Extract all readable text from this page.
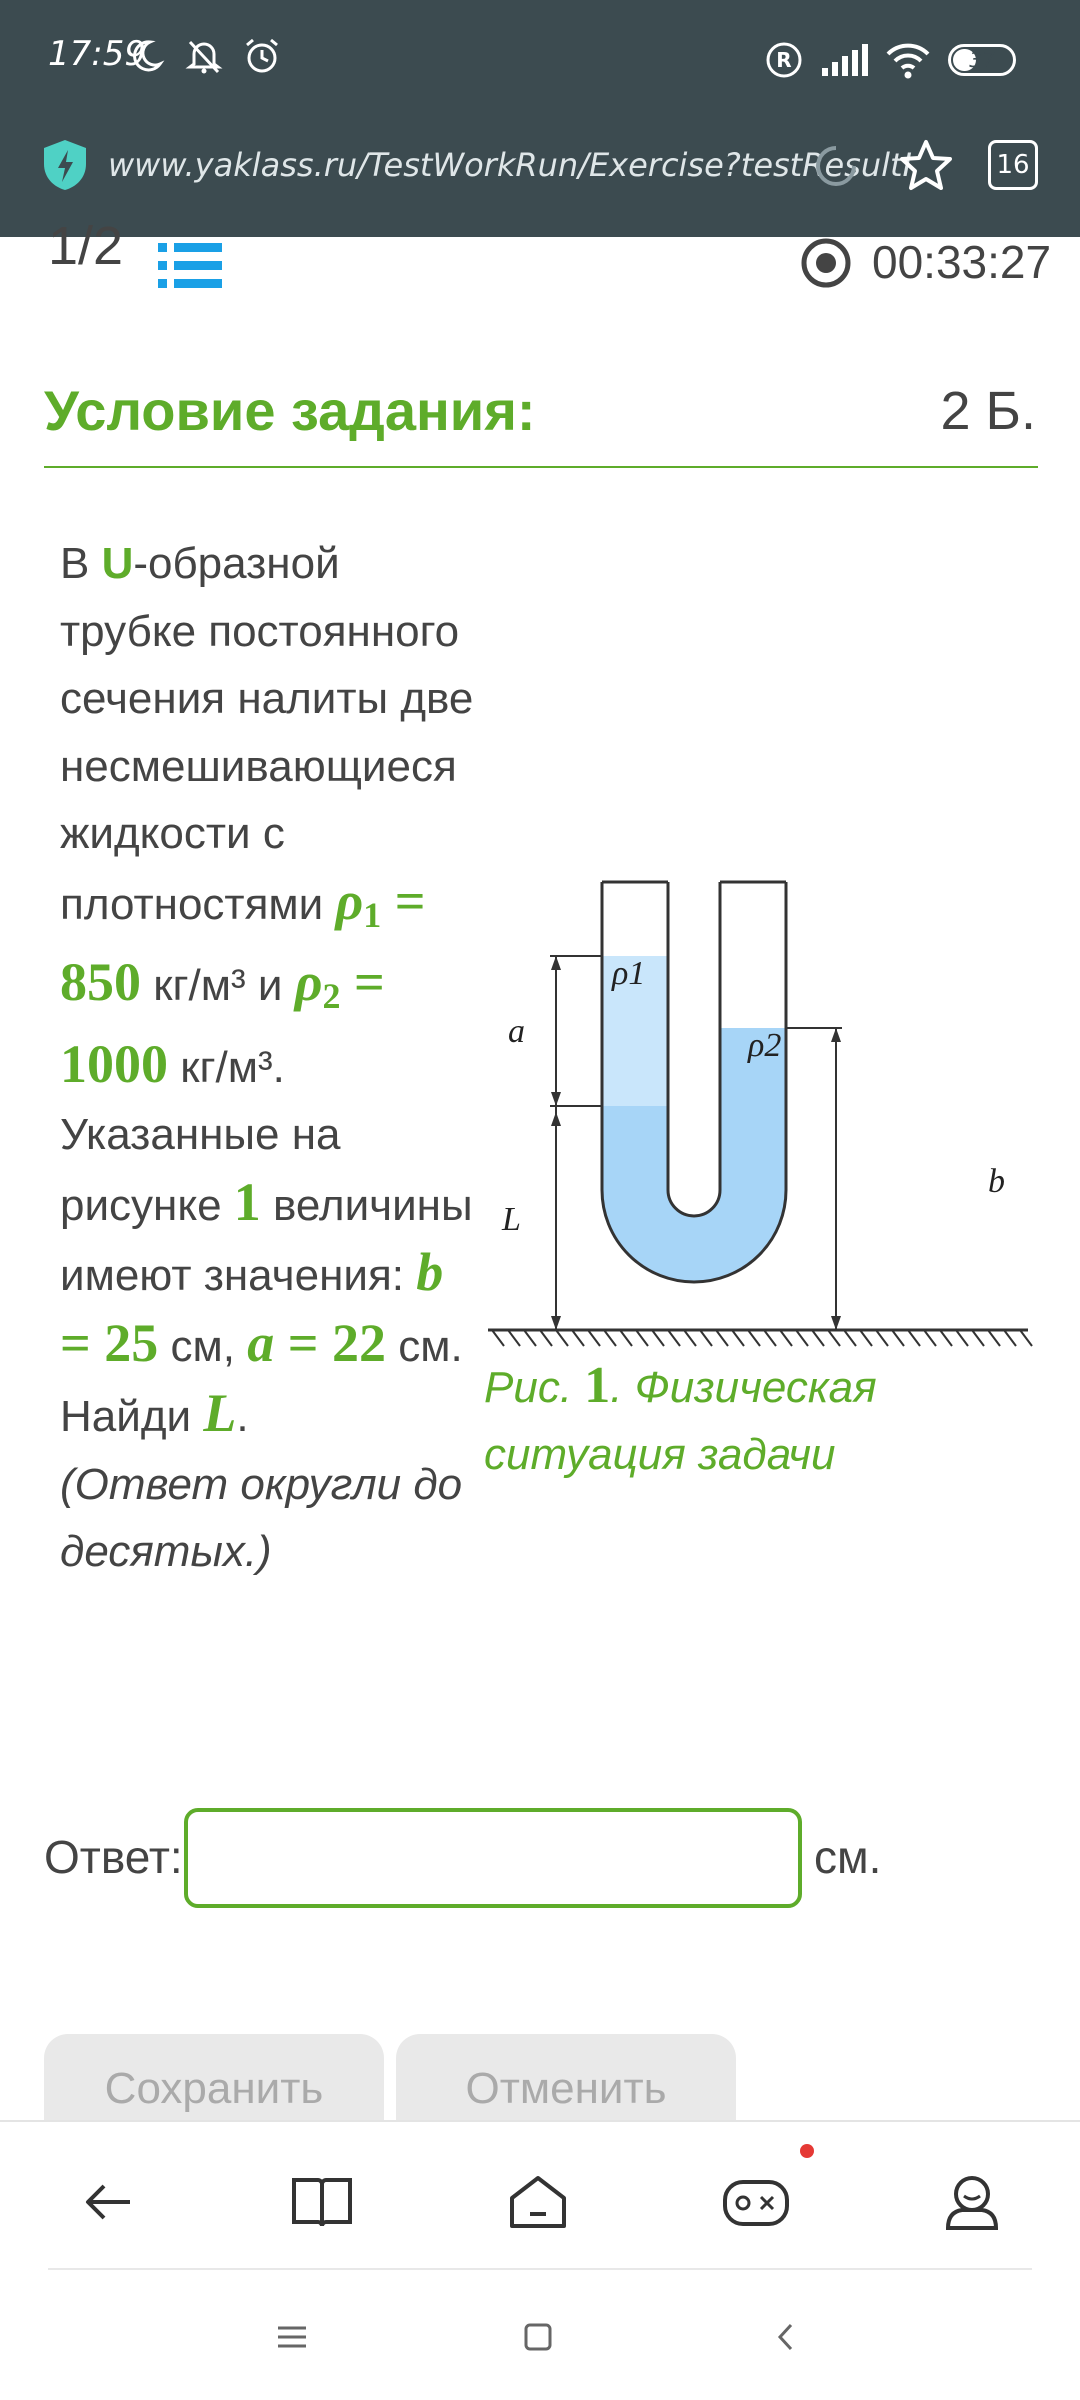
17:59	R	37
www.yaklass.ru/TestWorkRun/Exercise?testResultI	16
1/2	00:33:27
Условие задания:	2 Б.
В U-образной трубке постоянного сечения налиты две несмешивающиеся жидкости с плотностями $\rho_1 = 850$ кг/м³ и $\rho_2 = 1000$ кг/м³. Указанные на рисунке 1 величины имеют значения: b = 25 см, a = 22 см. Найди L.
(Ответ округли до десятых.)
ρ1
ρ2
a
L
b
Рис. 1. Физическая ситуация задачи
Ответ:	см.
Сохранить	Отменить
